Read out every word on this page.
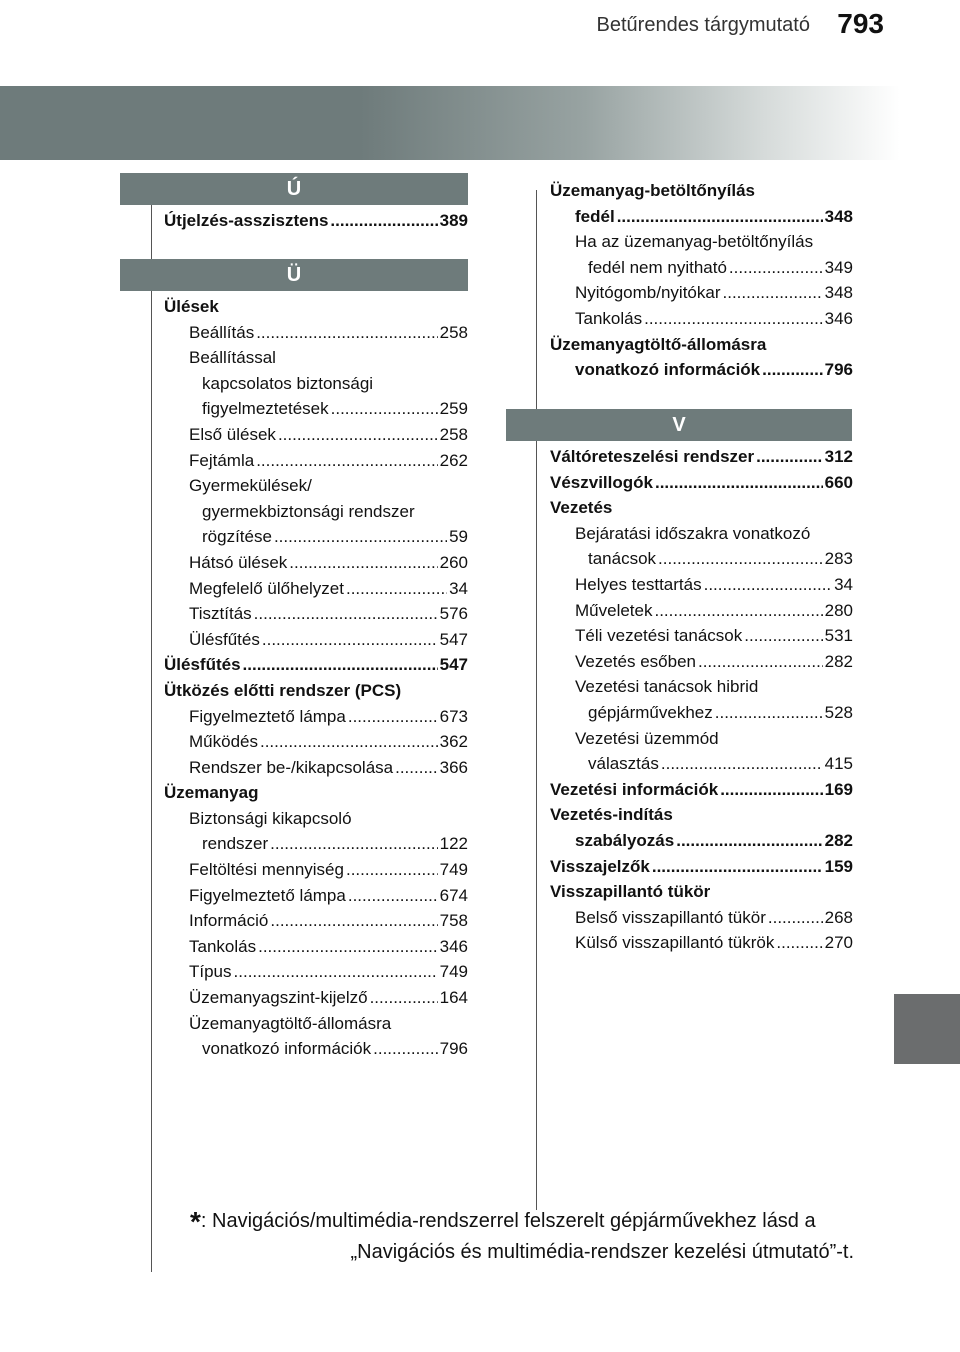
Betűrendes tárgymutató 793
Ú
Útjelzés-asszisztens .....	389
Ü
Ülések
Beállítás .....	258
Beállítással
kapcsolatos biztonsági
figyelmeztetések .....	259
Első ülések .....	258
Fejtámla .....	262
Gyermekülések/
gyermekbiztonsági rendszer
rögzítése .....	59
Hátsó ülések .....	260
Megfelelő ülőhelyzet .....	34
Tisztítás .....	576
Ülésfűtés .....	547
Ülésfűtés .....	547
Ütközés előtti rendszer (PCS)
Figyelmeztető lámpa .....	673
Működés .....	362
Rendszer be-/kikapcsolása .....	366
Üzemanyag
Biztonsági kikapcsoló
rendszer .....	122
Feltöltési mennyiség .....	749
Figyelmeztető lámpa .....	674
Információ .....	758
Tankolás .....	346
Típus .....	749
Üzemanyagszint-kijelző .....	164
Üzemanyagtöltő-állomásra
vonatkozó információk .....	796
Üzemanyag-betöltőnyílás
fedél .....	348
Ha az üzemanyag-betöltőnyílás
fedél nem nyitható .....	349
Nyitógomb/nyitókar .....	348
Tankolás .....	346
Üzemanyagtöltő-állomásra
vonatkozó információk .....	796
V
Váltóreteszelési rendszer .....	312
Vészvillogók .....	660
Vezetés
Bejáratási időszakra vonatkozó
tanácsok .....	283
Helyes testtartás .....	34
Műveletek .....	280
Téli vezetési tanácsok .....	531
Vezetés esőben .....	282
Vezetési tanácsok hibrid
gépjárművekhez .....	528
Vezetési üzemmód
választás .....	415
Vezetési információk .....	169
Vezetés-indítás
szabályozás .....	282
Visszajelzők .....	159
Visszapillantó tükör
Belső visszapillantó tükör .....	268
Külső visszapillantó tükrök .....	270
*: Navigációs/multimédia-rendszerrel felszerelt gépjárművekhez lásd a
„Navigációs és multimédia-rendszer kezelési útmutató”-t.
